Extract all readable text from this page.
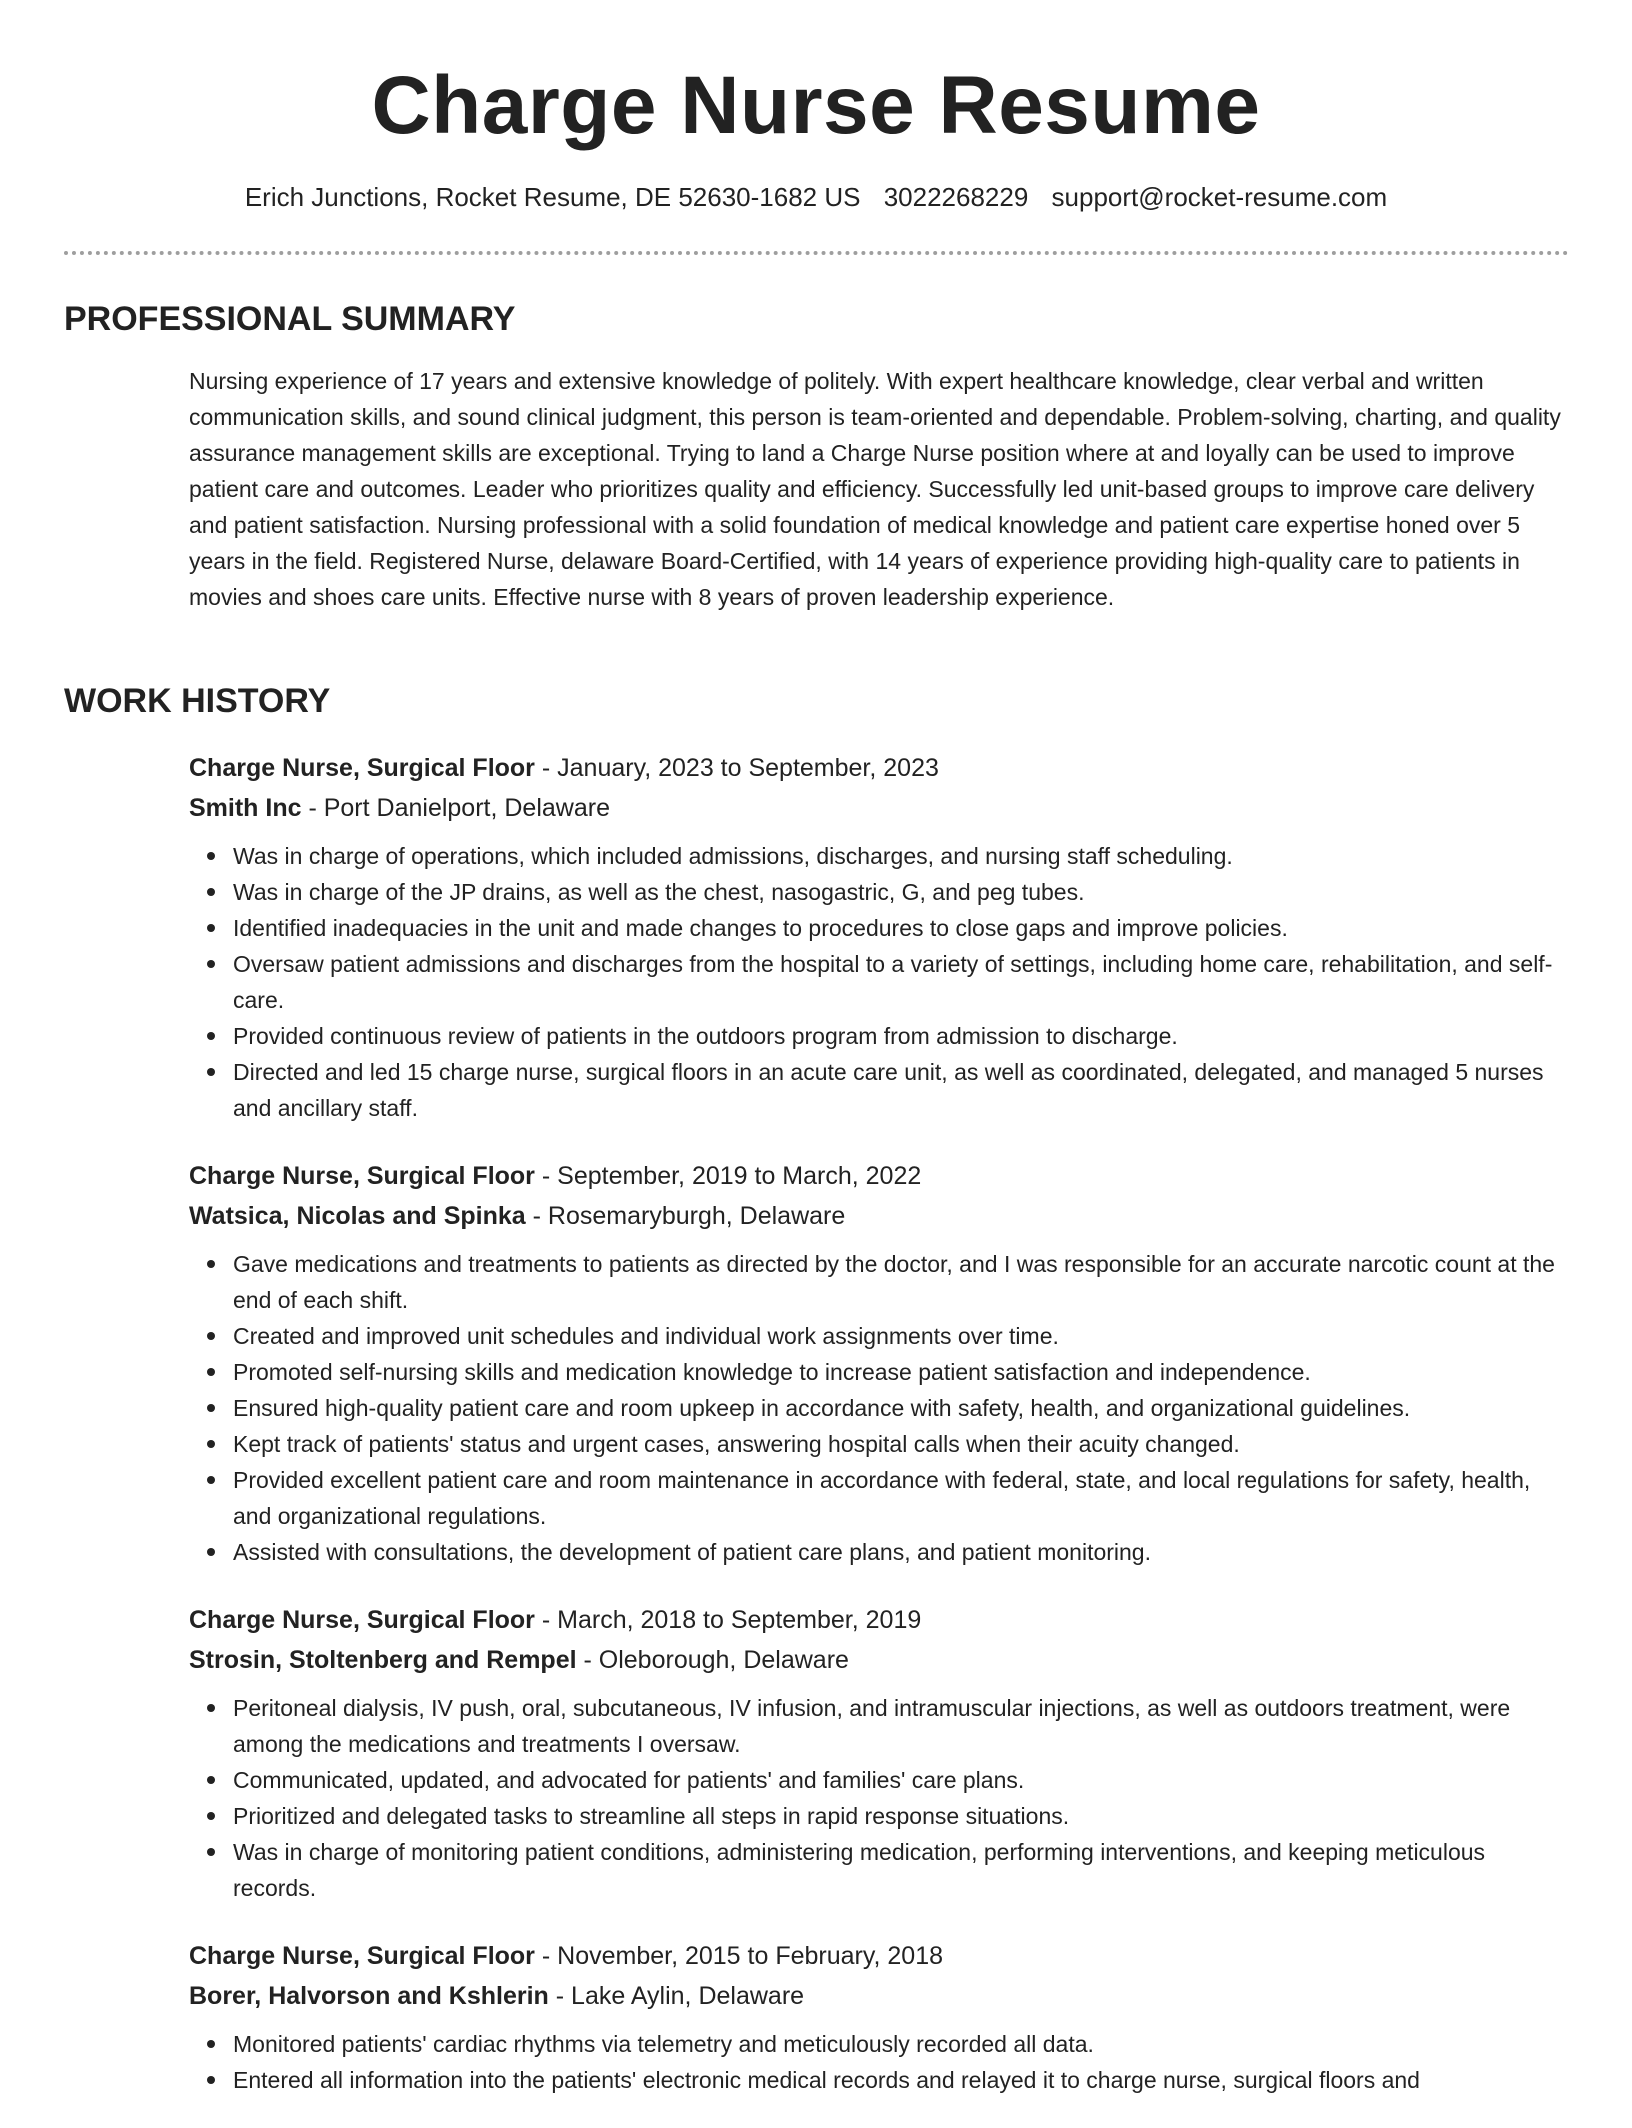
Charge Nurse Resume
Erich Junctions, Rocket Resume, DE 52630-1682 US 3022268229 support@rocket-resume.com
PROFESSIONAL SUMMARY

Nursing experience of 17 years and extensive knowledge of politely. With expert healthcare knowledge, clear verbal and written communication skills, and sound clinical judgment, this person is team-oriented and dependable. Problem-solving, charting, and quality assurance management skills are exceptional. Trying to land a Charge Nurse position where at and loyally can be used to improve patient care and outcomes. Leader who prioritizes quality and efficiency. Successfully led unit-based groups to improve care delivery and patient satisfaction. Nursing professional with a solid foundation of medical knowledge and patient care expertise honed over 5 years in the field. Registered Nurse, delaware Board-Certified, with 14 years of experience providing high-quality care to patients in movies and shoes care units. Effective nurse with 8 years of proven leadership experience.

WORK HISTORY

Charge Nurse, Surgical Floor - January, 2023 to September, 2023

Smith Inc - Port Danielport, Delaware

Was in charge of operations, which included admissions, discharges, and nursing staff scheduling.
Was in charge of the JP drains, as well as the chest, nasogastric, G, and peg tubes.
Identified inadequacies in the unit and made changes to procedures to close gaps and improve policies.
Oversaw patient admissions and discharges from the hospital to a variety of settings, including home care, rehabilitation, and self-care.
Provided continuous review of patients in the outdoors program from admission to discharge.
Directed and led 15 charge nurse, surgical floors in an acute care unit, as well as coordinated, delegated, and managed 5 nurses and ancillary staff.

Charge Nurse, Surgical Floor - September, 2019 to March, 2022

Watsica, Nicolas and Spinka - Rosemaryburgh, Delaware

Gave medications and treatments to patients as directed by the doctor, and I was responsible for an accurate narcotic count at the end of each shift.
Created and improved unit schedules and individual work assignments over time.
Promoted self-nursing skills and medication knowledge to increase patient satisfaction and independence.
Ensured high-quality patient care and room upkeep in accordance with safety, health, and organizational guidelines.
Kept track of patients' status and urgent cases, answering hospital calls when their acuity changed.
Provided excellent patient care and room maintenance in accordance with federal, state, and local regulations for safety, health, and organizational regulations.
Assisted with consultations, the development of patient care plans, and patient monitoring.

Charge Nurse, Surgical Floor - March, 2018 to September, 2019

Strosin, Stoltenberg and Rempel - Oleborough, Delaware

Peritoneal dialysis, IV push, oral, subcutaneous, IV infusion, and intramuscular injections, as well as outdoors treatment, were among the medications and treatments I oversaw.
Communicated, updated, and advocated for patients' and families' care plans.
Prioritized and delegated tasks to streamline all steps in rapid response situations.
Was in charge of monitoring patient conditions, administering medication, performing interventions, and keeping meticulous records.

Charge Nurse, Surgical Floor - November, 2015 to February, 2018

Borer, Halvorson and Kshlerin - Lake Aylin, Delaware

Monitored patients' cardiac rhythms via telemetry and meticulously recorded all data.
Entered all information into the patients' electronic medical records and relayed it to charge nurse, surgical floors and
